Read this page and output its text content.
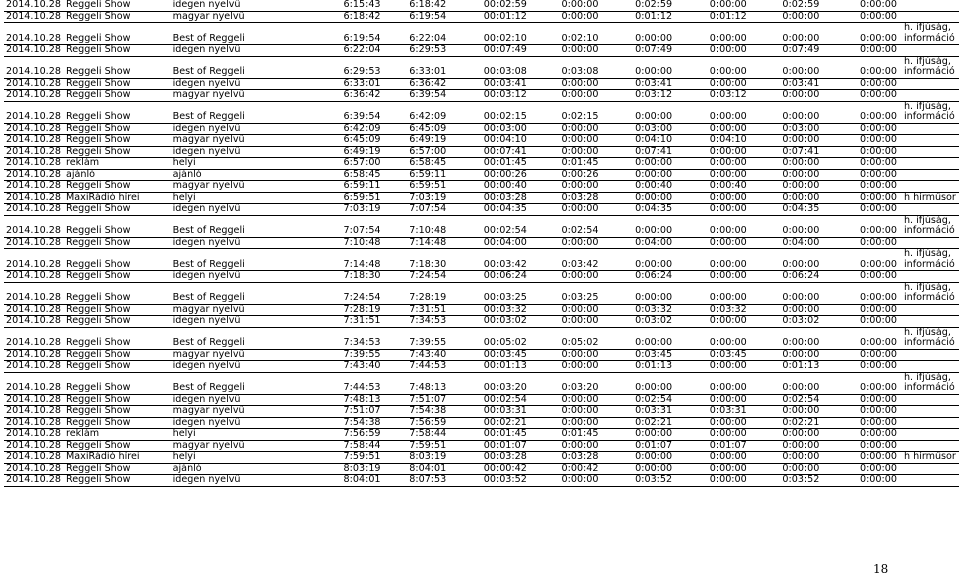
2014.10.28	Reggeli Show	idegen nyelvű	6:15:43	6:18:42	00:02:59	0:00:00	0:02:59	0:00:00	0:02:59	0:00:00	
2014.10.28	Reggeli Show	magyar nyelvű	6:18:42	6:19:54	00:01:12	0:00:00	0:01:12	0:01:12	0:00:00	0:00:00	
2014.10.28	Reggeli Show	Best of Reggeli	6:19:54	6:22:04	00:02:10	0:02:10	0:00:00	0:00:00	0:00:00	0:00:00	h. ifjúság, információ
2014.10.28	Reggeli Show	idegen nyelvű	6:22:04	6:29:53	00:07:49	0:00:00	0:07:49	0:00:00	0:07:49	0:00:00	
2014.10.28	Reggeli Show	Best of Reggeli	6:29:53	6:33:01	00:03:08	0:03:08	0:00:00	0:00:00	0:00:00	0:00:00	h. ifjúság, információ
2014.10.28	Reggeli Show	idegen nyelvű	6:33:01	6:36:42	00:03:41	0:00:00	0:03:41	0:00:00	0:03:41	0:00:00	
2014.10.28	Reggeli Show	magyar nyelvű	6:36:42	6:39:54	00:03:12	0:00:00	0:03:12	0:03:12	0:00:00	0:00:00	
2014.10.28	Reggeli Show	Best of Reggeli	6:39:54	6:42:09	00:02:15	0:02:15	0:00:00	0:00:00	0:00:00	0:00:00	h. ifjúság, információ
2014.10.28	Reggeli Show	idegen nyelvű	6:42:09	6:45:09	00:03:00	0:00:00	0:03:00	0:00:00	0:03:00	0:00:00	
2014.10.28	Reggeli Show	magyar nyelvű	6:45:09	6:49:19	00:04:10	0:00:00	0:04:10	0:04:10	0:00:00	0:00:00	
2014.10.28	Reggeli Show	idegen nyelvű	6:49:19	6:57:00	00:07:41	0:00:00	0:07:41	0:00:00	0:07:41	0:00:00	
2014.10.28	reklám	helyi	6:57:00	6:58:45	00:01:45	0:01:45	0:00:00	0:00:00	0:00:00	0:00:00	
2014.10.28	ajánló	ajánló	6:58:45	6:59:11	00:00:26	0:00:26	0:00:00	0:00:00	0:00:00	0:00:00	
2014.10.28	Reggeli Show	magyar nyelvű	6:59:11	6:59:51	00:00:40	0:00:00	0:00:40	0:00:40	0:00:00	0:00:00	
2014.10.28	MaxiRádió hírei	helyi	6:59:51	7:03:19	00:03:28	0:03:28	0:00:00	0:00:00	0:00:00	0:00:00	h hírműsor
2014.10.28	Reggeli Show	idegen nyelvű	7:03:19	7:07:54	00:04:35	0:00:00	0:04:35	0:00:00	0:04:35	0:00:00	
2014.10.28	Reggeli Show	Best of Reggeli	7:07:54	7:10:48	00:02:54	0:02:54	0:00:00	0:00:00	0:00:00	0:00:00	h. ifjúság, információ
2014.10.28	Reggeli Show	idegen nyelvű	7:10:48	7:14:48	00:04:00	0:00:00	0:04:00	0:00:00	0:04:00	0:00:00	
2014.10.28	Reggeli Show	Best of Reggeli	7:14:48	7:18:30	00:03:42	0:03:42	0:00:00	0:00:00	0:00:00	0:00:00	h. ifjúság, információ
2014.10.28	Reggeli Show	idegen nyelvű	7:18:30	7:24:54	00:06:24	0:00:00	0:06:24	0:00:00	0:06:24	0:00:00	
2014.10.28	Reggeli Show	Best of Reggeli	7:24:54	7:28:19	00:03:25	0:03:25	0:00:00	0:00:00	0:00:00	0:00:00	h. ifjúság, információ
2014.10.28	Reggeli Show	magyar nyelvű	7:28:19	7:31:51	00:03:32	0:00:00	0:03:32	0:03:32	0:00:00	0:00:00	
2014.10.28	Reggeli Show	idegen nyelvű	7:31:51	7:34:53	00:03:02	0:00:00	0:03:02	0:00:00	0:03:02	0:00:00	
2014.10.28	Reggeli Show	Best of Reggeli	7:34:53	7:39:55	00:05:02	0:05:02	0:00:00	0:00:00	0:00:00	0:00:00	h. ifjúság, információ
2014.10.28	Reggeli Show	magyar nyelvű	7:39:55	7:43:40	00:03:45	0:00:00	0:03:45	0:03:45	0:00:00	0:00:00	
2014.10.28	Reggeli Show	idegen nyelvű	7:43:40	7:44:53	00:01:13	0:00:00	0:01:13	0:00:00	0:01:13	0:00:00	
2014.10.28	Reggeli Show	Best of Reggeli	7:44:53	7:48:13	00:03:20	0:03:20	0:00:00	0:00:00	0:00:00	0:00:00	h. ifjúság, információ
2014.10.28	Reggeli Show	idegen nyelvű	7:48:13	7:51:07	00:02:54	0:00:00	0:02:54	0:00:00	0:02:54	0:00:00	
2014.10.28	Reggeli Show	magyar nyelvű	7:51:07	7:54:38	00:03:31	0:00:00	0:03:31	0:03:31	0:00:00	0:00:00	
2014.10.28	Reggeli Show	idegen nyelvű	7:54:38	7:56:59	00:02:21	0:00:00	0:02:21	0:00:00	0:02:21	0:00:00	
2014.10.28	reklám	helyi	7:56:59	7:58:44	00:01:45	0:01:45	0:00:00	0:00:00	0:00:00	0:00:00	
2014.10.28	Reggeli Show	magyar nyelvű	7:58:44	7:59:51	00:01:07	0:00:00	0:01:07	0:01:07	0:00:00	0:00:00	
2014.10.28	MaxiRádió hírei	helyi	7:59:51	8:03:19	00:03:28	0:03:28	0:00:00	0:00:00	0:00:00	0:00:00	h hírműsor
2014.10.28	Reggeli Show	ajánló	8:03:19	8:04:01	00:00:42	0:00:42	0:00:00	0:00:00	0:00:00	0:00:00	
2014.10.28	Reggeli Show	idegen nyelvű	8:04:01	8:07:53	00:03:52	0:00:00	0:03:52	0:00:00	0:03:52	0:00:00	
18
